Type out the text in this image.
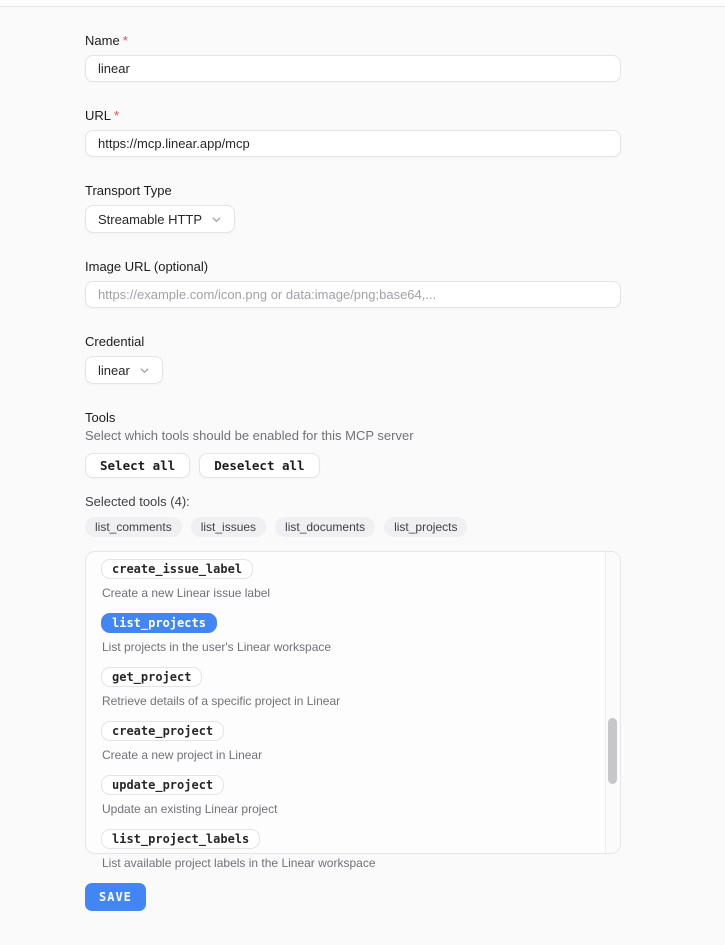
Name *
linear
URL *
https://mcp.linear.app/mcp
Transport Type
Streamable HTTP
Image URL (optional)
https://example.com/icon.png or data:image/png;base64,...
Credential
linear
Tools
Select which tools should be enabled for this MCP server
Select all	Deselect all
Selected tools (4):
list_comments	list_issues	list_documents	list_projects
create_issue_label
Create a new Linear issue label
list_projects
List projects in the user's Linear workspace
get_project
Retrieve details of a specific project in Linear
create_project
Create a new project in Linear
update_project
Update an existing Linear project
list_project_labels
List available project labels in the Linear workspace
SAVE
